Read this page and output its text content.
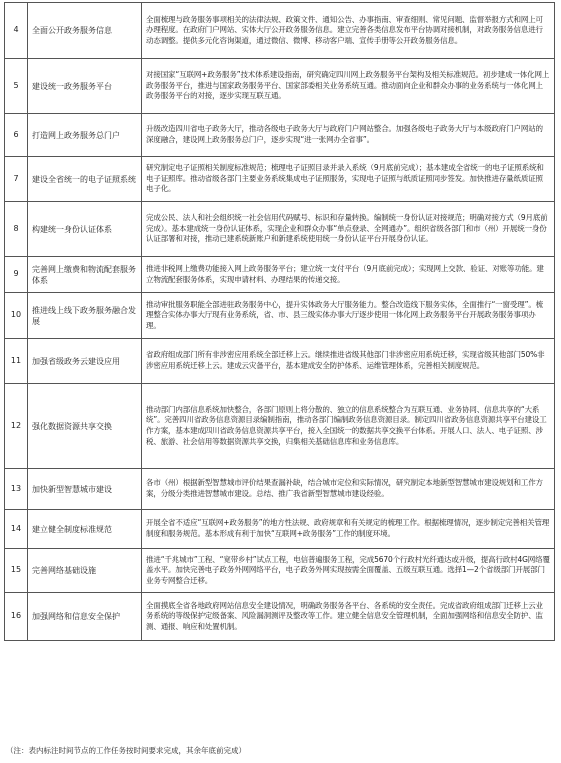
4	全面公开政务服务信息	全面梳理与政务服务事项相关的法律法规、政策文件、通知公告、办事指南、审查细则、常见问题、监督举报方式和网上可办理程度。在政府门户网站、实体大厅公开政务服务信息。建立完善各类信息发布平台协调对接机制，对政务服务信息进行动态调整。提供多元化咨询渠道，通过微信、微博、移动客户端、宣传手册等公开政务服务信息。
5	建设统一政务服务平台	对接国家“互联网+政务服务”技术体系建设指南，研究确定四川网上政务服务平台架构及相关标准规范。初步建成一体化网上政务服务平台，推进与国家政务服务平台、国家部委相关业务系统互通。推动面向企业和群众办事的业务系统与一体化网上政务服务平台的对接，逐步实现互联互通。
6	打造网上政务服务总门户	升级改造四川省电子政务大厅，推动各级电子政务大厅与政府门户网站整合。加强各级电子政务大厅与本级政府门户网站的深度融合，建设网上政务服务总门户，逐步实现“进一张网办全省事”。
7	建设全省统一的电子证照系统	研究制定电子证照相关制度标准规范；梳理电子证照目录并录入系统（9月底前完成）；基本建成全省统一的电子证照系统和电子证照库。推动省级各部门主要业务系统集成电子证照服务，实现电子证照与纸质证照同步签发。加快推进存量纸质证照电子化。
8	构建统一身份认证体系	完成公民、法人和社会组织统一社会信用代码赋号、标识和存量转换。编制统一身份认证对接规范；明确对接方式（9月底前完成）。基本建成统一身份认证体系，实现企业和群众办事“单点登录、全网通办”。组织省级各部门和市（州）开展统一身份认证部署和对接，推动已建系统新账户和新建系统使用统一身份认证平台开展身份认证。
9	完善网上缴费和物流配套服务体系	推进非税网上缴费功能接入网上政务服务平台；建立统一支付平台（9月底前完成）；实现网上交款、验证、对账等功能。建立物流配套服务体系，实现申请材料、办理结果的传递交接。
10	推进线上线下政务服务融合发展	推动审批服务职能全部进驻政务服务中心，提升实体政务大厅服务能力。整合改造线下服务实体，全面推行“一窗受理”。梳理整合实体办事大厅现有业务系统，省、市、县三级实体办事大厅逐步使用一体化网上政务服务平台开展政务服务事项办理。
11	加强省级政务云建设应用	省政府组成部门所有非涉密应用系统全部迁移上云。继续推进省级其他部门非涉密应用系统迁移，实现省级其他部门50%非涉密应用系统迁移上云。建成云灾备平台，基本建成安全防护体系、运维管理体系，完善相关制度规范。
12	强化数据资源共享交换	推动部门内部信息系统加快整合，各部门原则上将分散的、独立的信息系统整合为互联互通、业务协同、信息共享的“大系统”。完善四川省政务信息资源目录编制指南，推动各部门编制政务信息资源目录。制定四川省政务信息资源共享平台建设工作方案，基本建成四川省政务信息资源共享平台，接入全国统一的数据共享交换平台体系。开展人口、法人、电子证照、涉税、旅游、社会信用等数据资源共享交换，归集相关基础信息库和业务信息库。
13	加快新型智慧城市建设	各市（州）根据新型智慧城市评价结果查漏补缺，结合城市定位和实际情况，研究制定本地新型智慧城市建设规划和工作方案，分级分类推进智慧城市建设。总结、推广我省新型智慧城市建设经验。
14	建立健全制度标准规范	开展全省不适应“互联网+政务服务”的地方性法规、政府规章和有关规定的梳理工作。根据梳理情况，逐步制定完善相关管理制度和服务规范。基本形成有利于加快“互联网+政务服务”工作的制度环境。
15	完善网络基础设施	推进“千兆城市”工程、“宽带乡村”试点工程，电信普遍服务工程，完成5670个行政村光纤通达或升级，提高行政村4G网络覆盖水平。加快完善电子政务外网网络平台，电子政务外网实现按需全面覆盖、五级互联互通。选择1—2个省级部门开展部门业务专网整合迁移。
16	加强网络和信息安全保护	全面摸底全省各地政府网站信息安全建设情况，明确政务服务各平台、各系统的安全责任。完成省政府组成部门迁移上云业务系统的等级保护定级备案、风险漏洞测评及整改等工作。建立健全信息安全管理机制，全面加强网络和信息安全防护、监测、通报、响应和处置机制。
（注：表内标注时间节点的工作任务按时间要求完成，其余年底前完成）
